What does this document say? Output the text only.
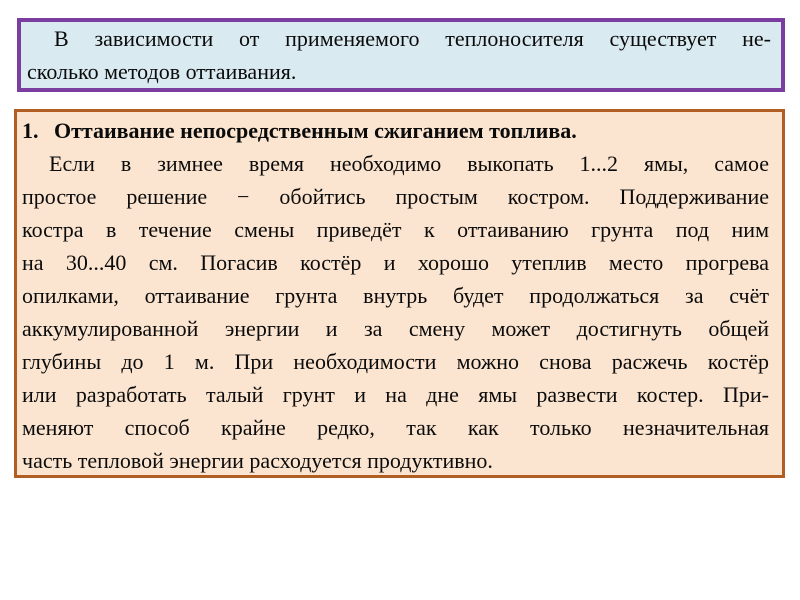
В зависимости от применяемого теплоносителя существует не-
сколько методов оттаивания.
1. Оттаивание непосредственным сжиганием топлива.
Если в зимнее время необходимо выкопать 1...2 ямы, самое
простое решение − обойтись простым костром. Поддерживание
костра в течение смены приведёт к оттаиванию грунта под ним
на 30...40 см. Погасив костёр и хорошо утеплив место прогрева
опилками, оттаивание грунта внутрь будет продолжаться за счёт
аккумулированной энергии и за смену может достигнуть общей
глубины до 1 м. При необходимости можно снова расжечь костёр
или разработать талый грунт и на дне ямы развести костер. При-
меняют способ крайне редко, так как только незначительная
часть тепловой энергии расходуется продуктивно.
